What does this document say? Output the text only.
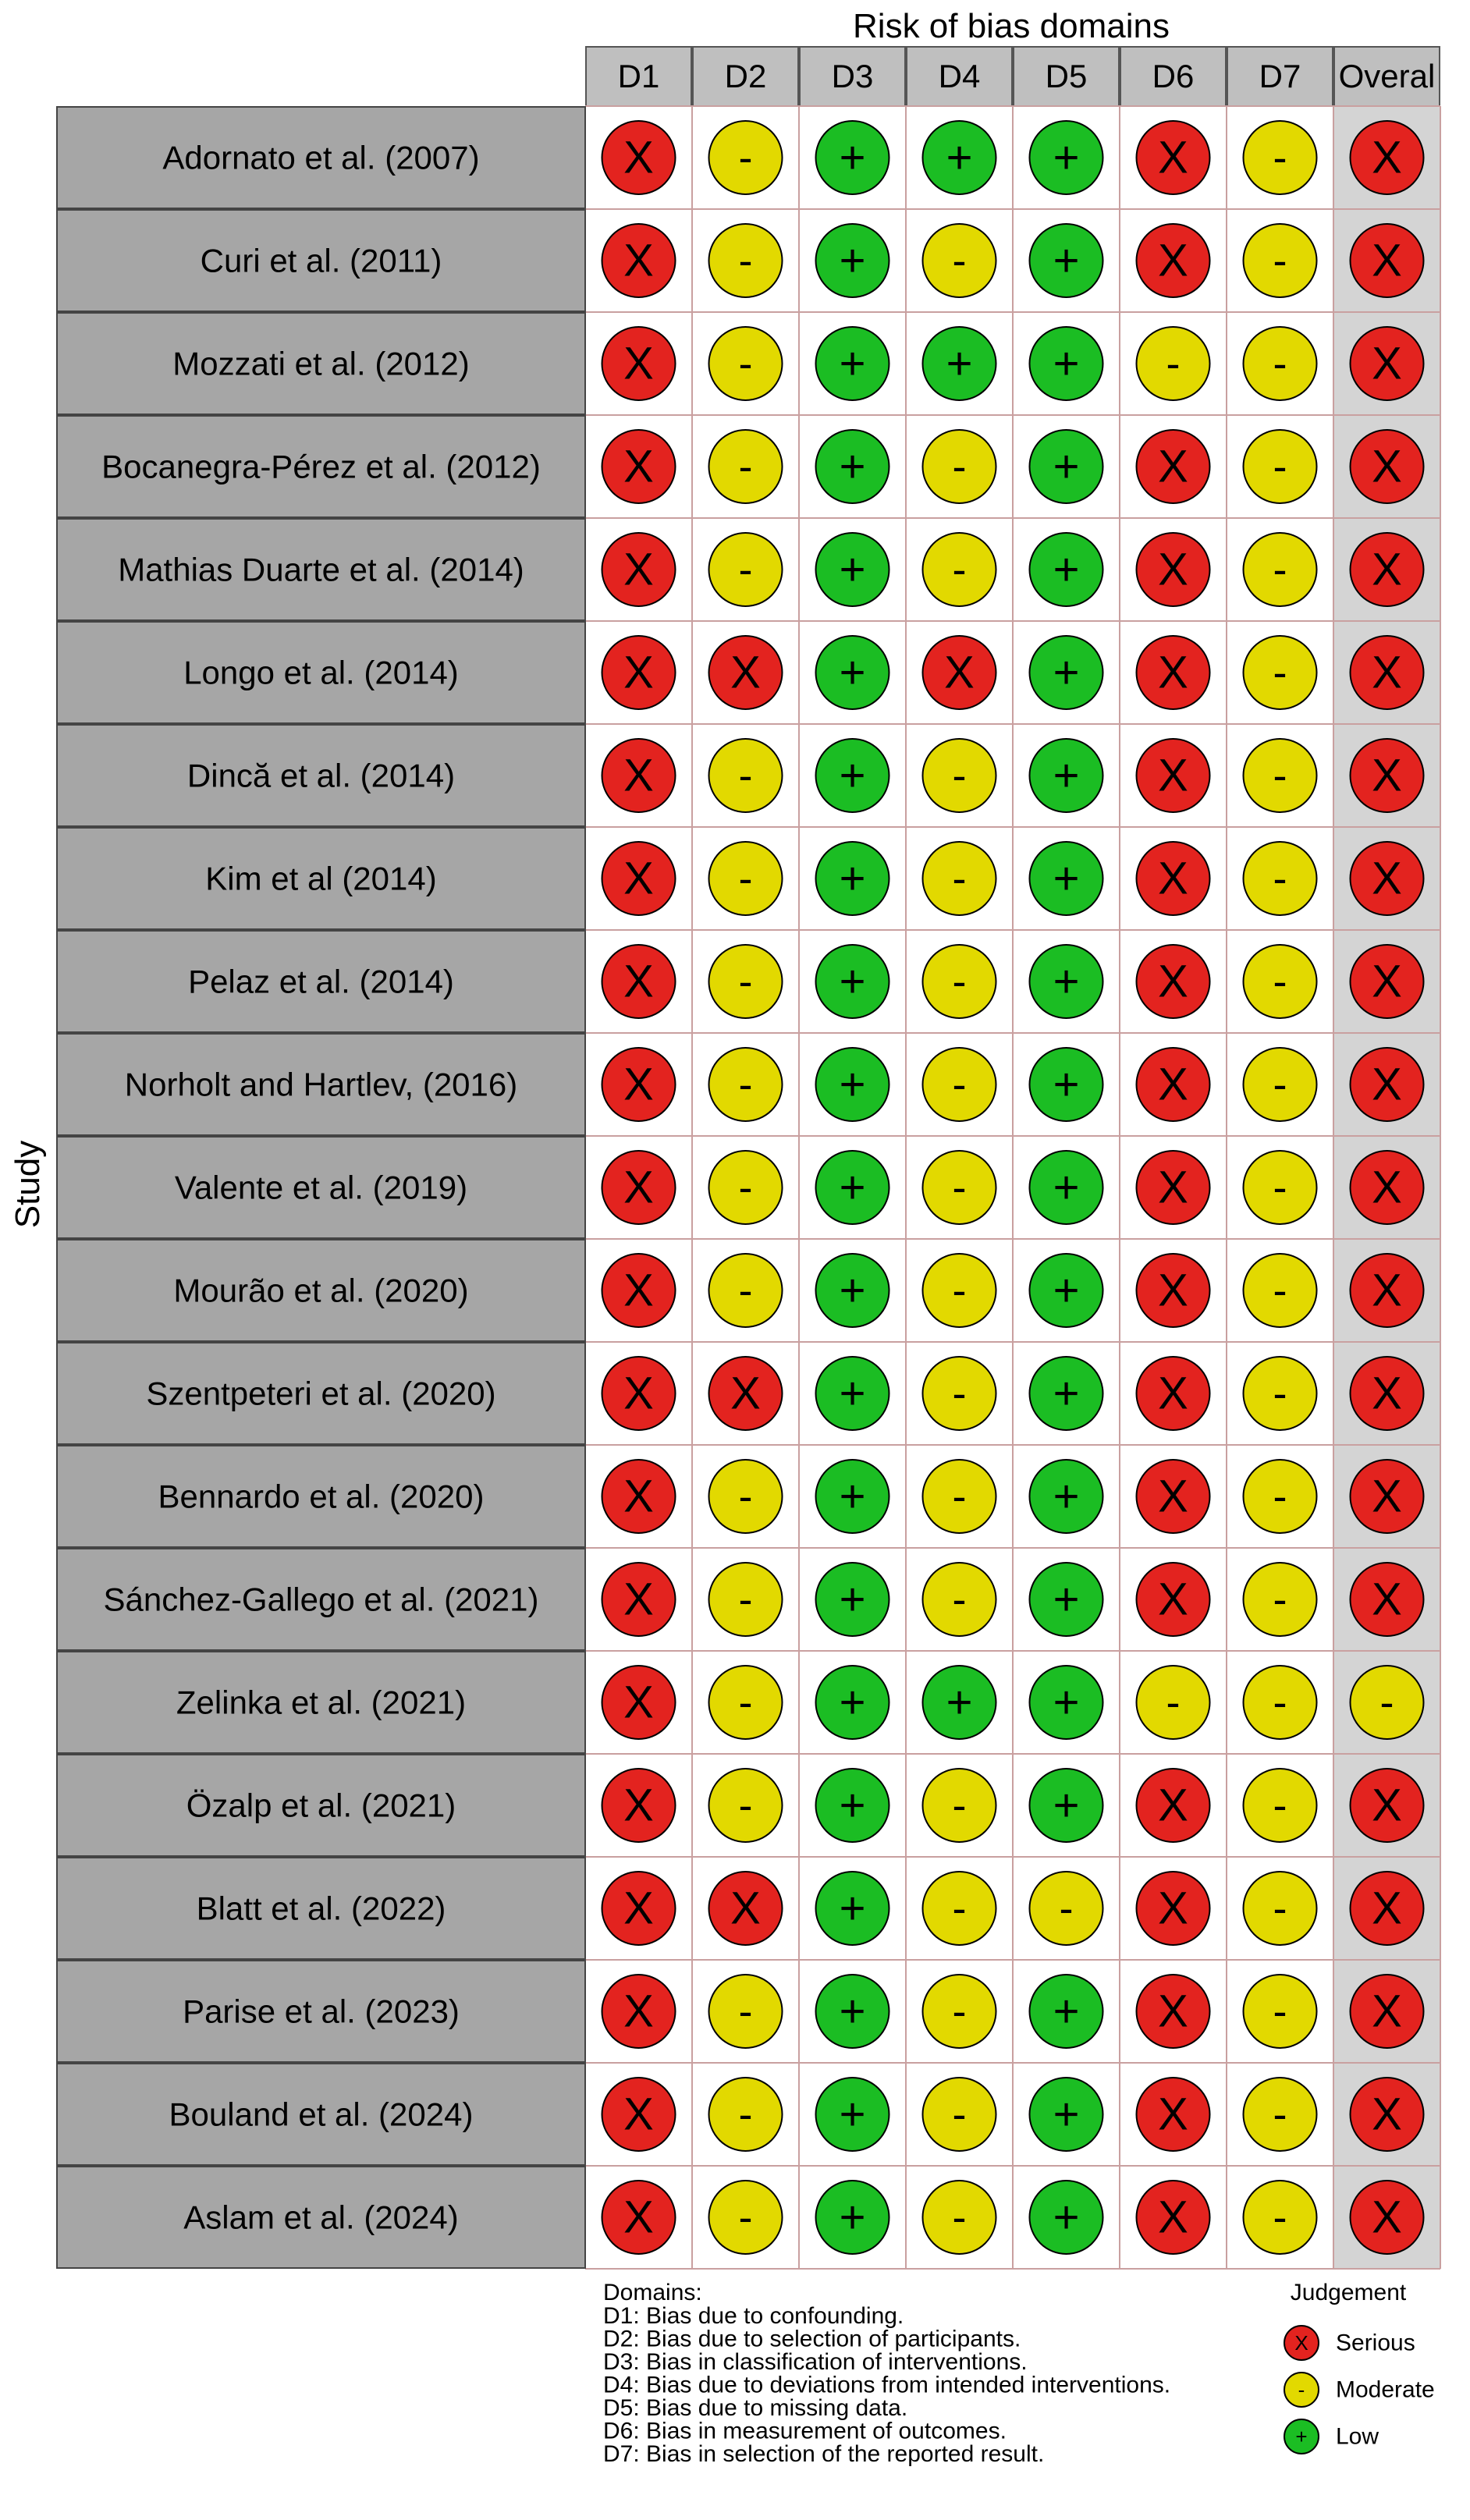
Risk of bias domains
Study
D1 D2 D3 D4 D5 D6 D7 Overal
Adornato et al. (2007)	X - + + + X - X
Curi et al. (2011)	X - + - + X - X
Mozzati et al. (2012)	X - + + + - - X
Bocanegra-Pérez et al. (2012) X - + - + X - X
Mathias Duarte et al. (2014) X - + - + X - X
Longo et al. (2014)	X X + X + X - X
Dincă et al. (2014)	X - + - + X - X
Kim et al (2014)	X - + - + X - X
Pelaz et al. (2014)	X - + - + X - X
Norholt and Hartlev, (2016) X - + - + X - X
Valente et al. (2019)	X - + - + X - X
Mourão et al. (2020)	X - + - + X - X
Szentpeteri et al. (2020)	X X + - + X - X
Bennardo et al. (2020)	X - + - + X - X
Sánchez-Gallego et al. (2021) X - + - + X - X
Zelinka et al. (2021)	X - + + + - - -
Özalp et al. (2021)	X - + - + X - X
Blatt et al. (2022)	X X + - - X - X
Parise et al. (2023)	X - + - + X - X
Bouland et al. (2024)	X - + - + X - X
Aslam et al. (2024)	X - + - + X - X
Domains:
D1: Bias due to confounding.
D2: Bias due to selection of participants.
D3: Bias in classification of interventions.
D4: Bias due to deviations from intended interventions.
D5: Bias due to missing data.
D6: Bias in measurement of outcomes.
D7: Bias in selection of the reported result.
Judgement
X Serious
- Moderate
+ Low
